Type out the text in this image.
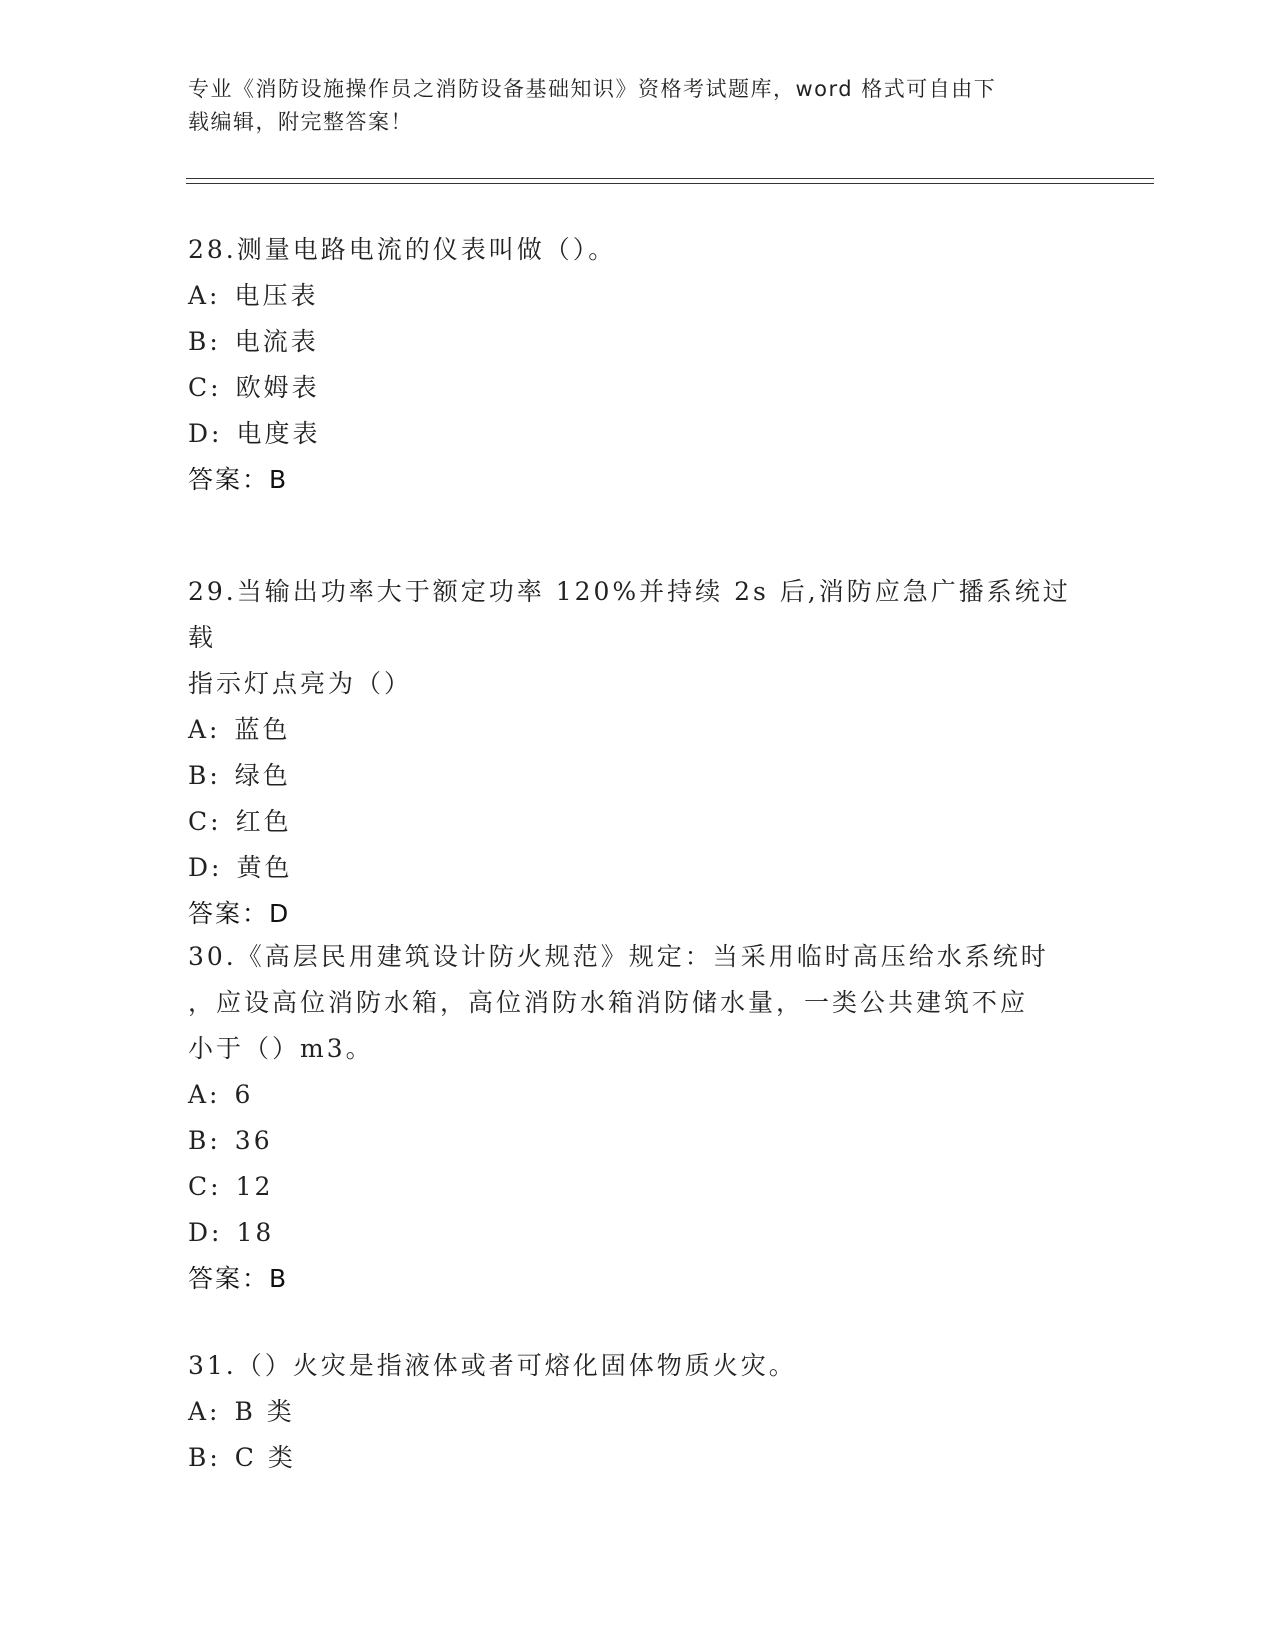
专业《消防设施操作员之消防设备基础知识》资格考试题库，word 格式可自由下
载编辑，附完整答案！

28.测量电路电流的仪表叫做（）。

A: 电压表

B: 电流表

C: 欧姆表

D: 电度表

答案：B

29.当输出功率大于额定功率 120%并持续 2s 后,消防应急广播系统过载

指示灯点亮为（）

A: 蓝色

B: 绿色

C: 红色

D: 黄色

答案：D

30.《高层民用建筑设计防火规范》规定：当采用临时高压给水系统时

，应设高位消防水箱，高位消防水箱消防储水量，一类公共建筑不应

小于（）m3。

A: 6

B: 36

C: 12

D: 18

答案：B

31.（）火灾是指液体或者可熔化固体物质火灾。

A: B 类

B: C 类
